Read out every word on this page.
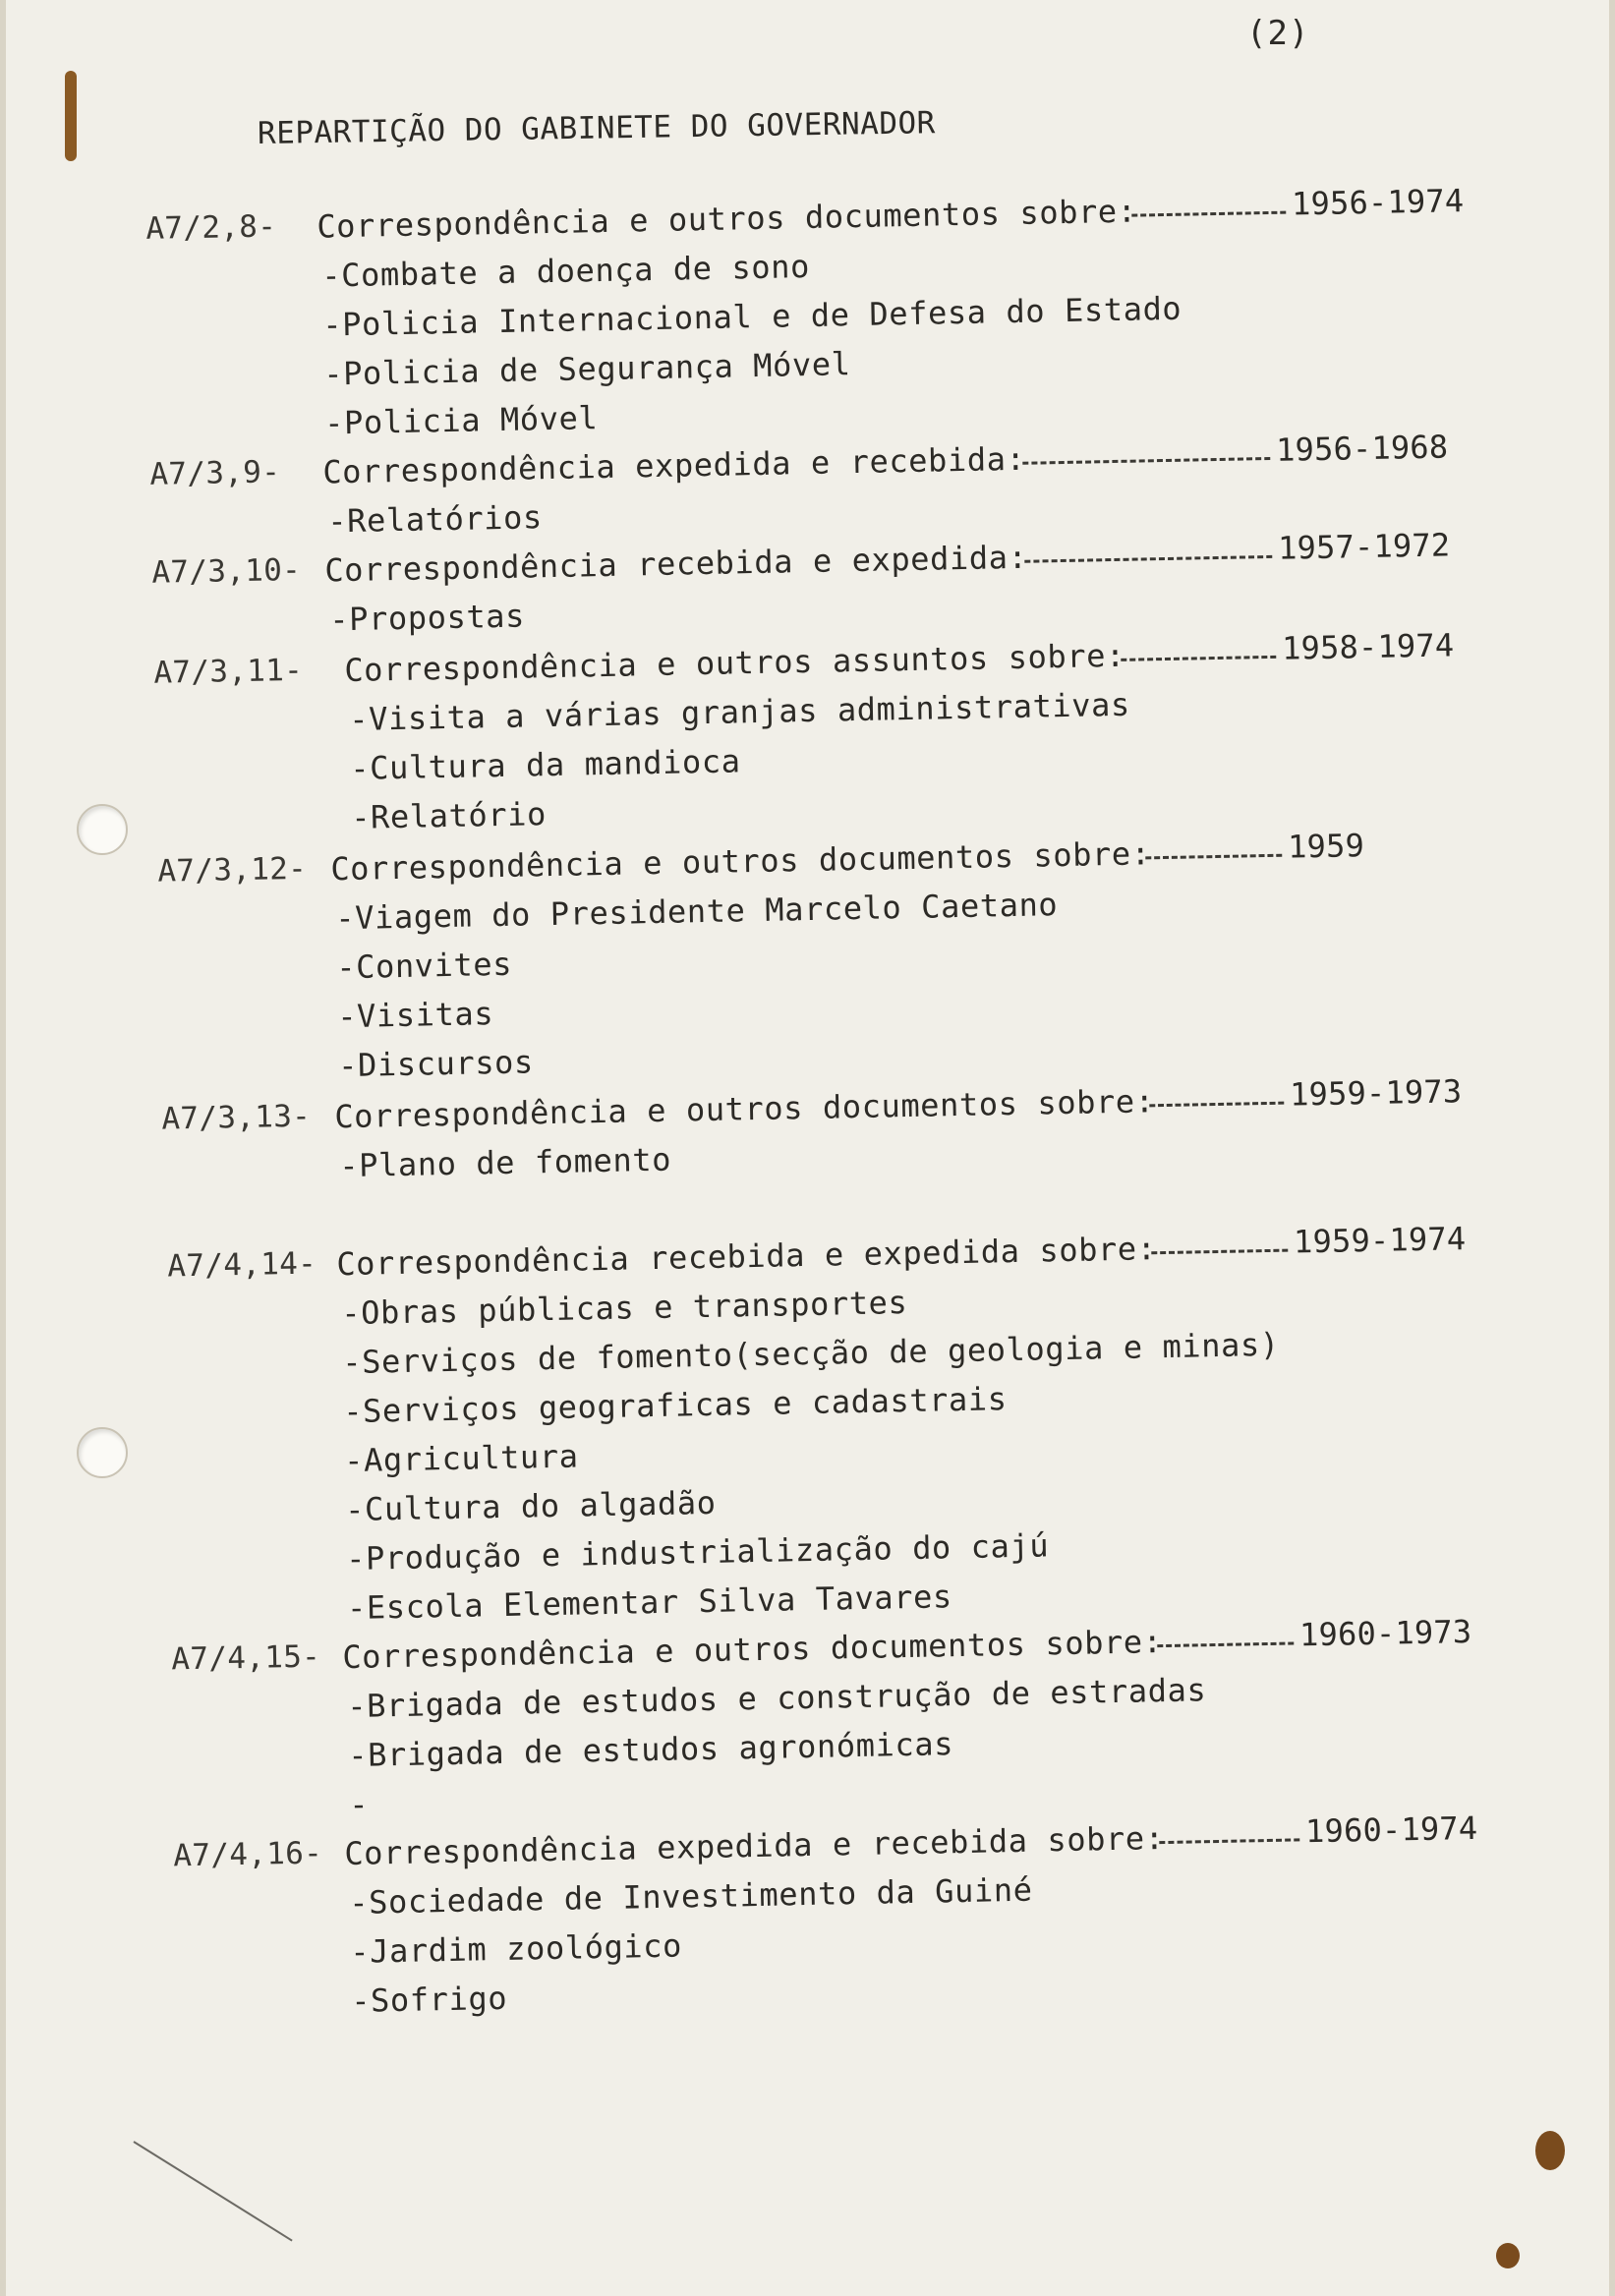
(2)
REPARTIÇÃO DO GABINETE DO GOVERNADOR
A7/2,8- Correspondência e outros documentos sobre:	1956-1974
-Combate a doença de sono
-Policia Internacional e de Defesa do Estado
-Policia de Segurança Móvel
-Policia Móvel
A7/3,9- Correspondência expedida e recebida:	1956-1968
-Relatórios
A7/3,10- Correspondência recebida e expedida:	1957-1972
-Propostas
A7/3,11- Correspondência e outros assuntos sobre:	1958-1974
-Visita a várias granjas administrativas
-Cultura da mandioca
-Relatório
A7/3,12- Correspondência e outros documentos sobre:	1959
-Viagem do Presidente Marcelo Caetano
-Convites
-Visitas
-Discursos
A7/3,13- Correspondência e outros documentos sobre:	1959-1973
-Plano de fomento
A7/4,14- Correspondência recebida e expedida sobre:	1959-1974
-Obras públicas e transportes
-Serviços de fomento(secção de geologia e minas)
-Serviços geograficas e cadastrais
-Agricultura
-Cultura do algadão
-Produção e industrialização do cajú
-Escola Elementar Silva Tavares
A7/4,15- Correspondência e outros documentos sobre:	1960-1973
-Brigada de estudos e construção de estradas
-Brigada de estudos agronómicas
-
A7/4,16- Correspondência expedida e recebida sobre:	1960-1974
-Sociedade de Investimento da Guiné
-Jardim zoológico
-Sofrigo
